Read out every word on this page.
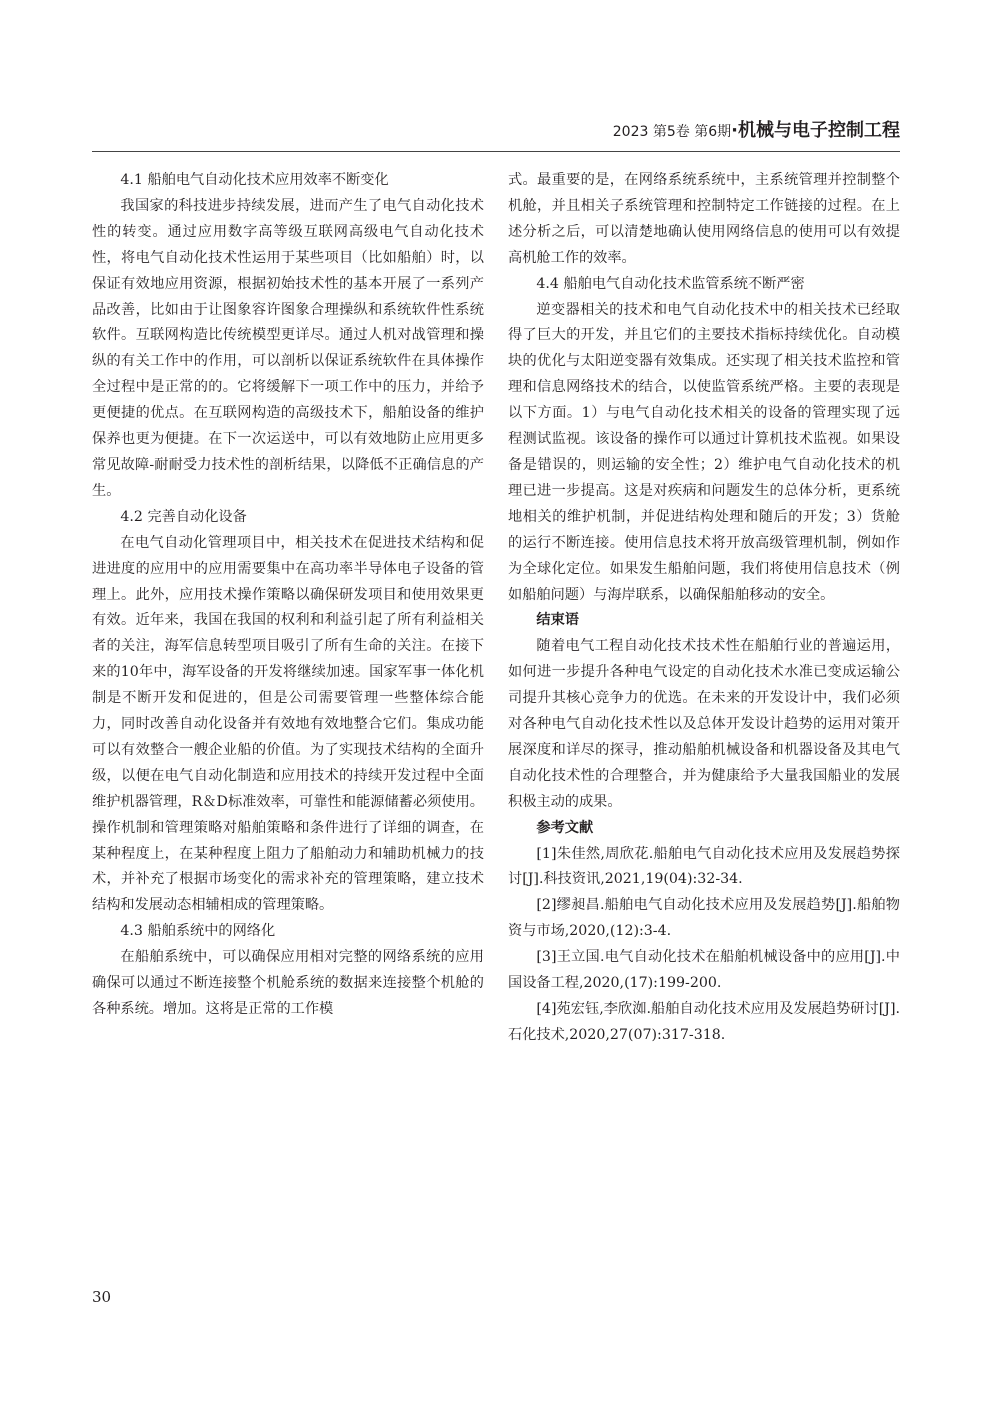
2023 第5卷 第6期·机械与电子控制工程
4.1 船舶电气自动化技术应用效率不断变化

我国家的科技进步持续发展，进而产生了电气自动化技术性的转变。通过应用数字高等级互联网高级电气自动化技术性，将电气自动化技术性运用于某些项目（比如船舶）时，以保证有效地应用资源，根据初始技术性的基本开展了一系列产品改善，比如由于让图象容许图象合理操纵和系统软件性系统软件。互联网构造比传统模型更详尽。通过人机对战管理和操纵的有关工作中的作用，可以剖析以保证系统软件在具体操作全过程中是正常的的。它将缓解下一项工作中的压力，并给予更便捷的优点。在互联网构造的高级技术下，船舶设备的维护保养也更为便捷。在下一次运送中，可以有效地防止应用更多常见故障-耐耐受力技术性的剖析结果，以降低不正确信息的产生。

4.2 完善自动化设备

在电气自动化管理项目中，相关技术在促进技术结构和促进进度的应用中的应用需要集中在高功率半导体电子设备的管理上。此外，应用技术操作策略以确保研发项目和使用效果更有效。近年来，我国在我国的权利和利益引起了所有利益相关者的关注，海军信息转型项目吸引了所有生命的关注。在接下来的10年中，海军设备的开发将继续加速。国家军事一体化机制是不断开发和促进的，但是公司需要管理一些整体综合能力，同时改善自动化设备并有效地有效地整合它们。集成功能可以有效整合一艘企业船的价值。为了实现技术结构的全面升级，以便在电气自动化制造和应用技术的持续开发过程中全面维护机器管理，R＆D标准效率，可靠性和能源储蓄必须使用。操作机制和管理策略对船舶策略和条件进行了详细的调查，在某种程度上，在某种程度上阻力了船舶动力和辅助机械力的技术，并补充了根据市场变化的需求补充的管理策略，建立技术结构和发展动态相辅相成的管理策略。

4.3 船舶系统中的网络化

在船舶系统中，可以确保应用相对完整的网络系统的应用确保可以通过不断连接整个机舱系统的数据来连接整个机舱的各种系统。增加。这将是正常的工作模

式。最重要的是，在网络系统系统中，主系统管理并控制整个机舱，并且相关子系统管理和控制特定工作链接的过程。在上述分析之后，可以清楚地确认使用网络信息的使用可以有效提高机舱工作的效率。

4.4 船舶电气自动化技术监管系统不断严密

逆变器相关的技术和电气自动化技术中的相关技术已经取得了巨大的开发，并且它们的主要技术指标持续优化。自动模块的优化与太阳逆变器有效集成。还实现了相关技术监控和管理和信息网络技术的结合，以使监管系统严格。主要的表现是以下方面。1）与电气自动化技术相关的设备的管理实现了远程测试监视。该设备的操作可以通过计算机技术监视。如果设备是错误的，则运输的安全性；2）维护电气自动化技术的机理已进一步提高。这是对疾病和问题发生的总体分析，更系统地相关的维护机制，并促进结构处理和随后的开发；3）货舱的运行不断连接。使用信息技术将开放高级管理机制，例如作为全球化定位。如果发生船舶问题，我们将使用信息技术（例如船舶问题）与海岸联系，以确保船舶移动的安全。

结束语

随着电气工程自动化技术技术性在船舶行业的普遍运用，如何进一步提升各种电气设定的自动化技术水准已变成运输公司提升其核心竞争力的优选。在未来的开发设计中，我们必须对各种电气自动化技术性以及总体开发设计趋势的运用对策开展深度和详尽的探寻，推动船舶机械设备和机器设备及其电气自动化技术性的合理整合，并为健康给予大量我国船业的发展积极主动的成果。

参考文献

[1]朱佳然,周欣花.船舶电气自动化技术应用及发展趋势探讨[J].科技资讯,2021,19(04):32-34.

[2]缪昶昌.船舶电气自动化技术应用及发展趋势[J].船舶物资与市场,2020,(12):3-4.

[3]王立国.电气自动化技术在船舶机械设备中的应用[J].中国设备工程,2020,(17):199-200.

[4]苑宏钰,李欣洳.船舶自动化技术应用及发展趋势研讨[J].石化技术,2020,27(07):317-318.

30
